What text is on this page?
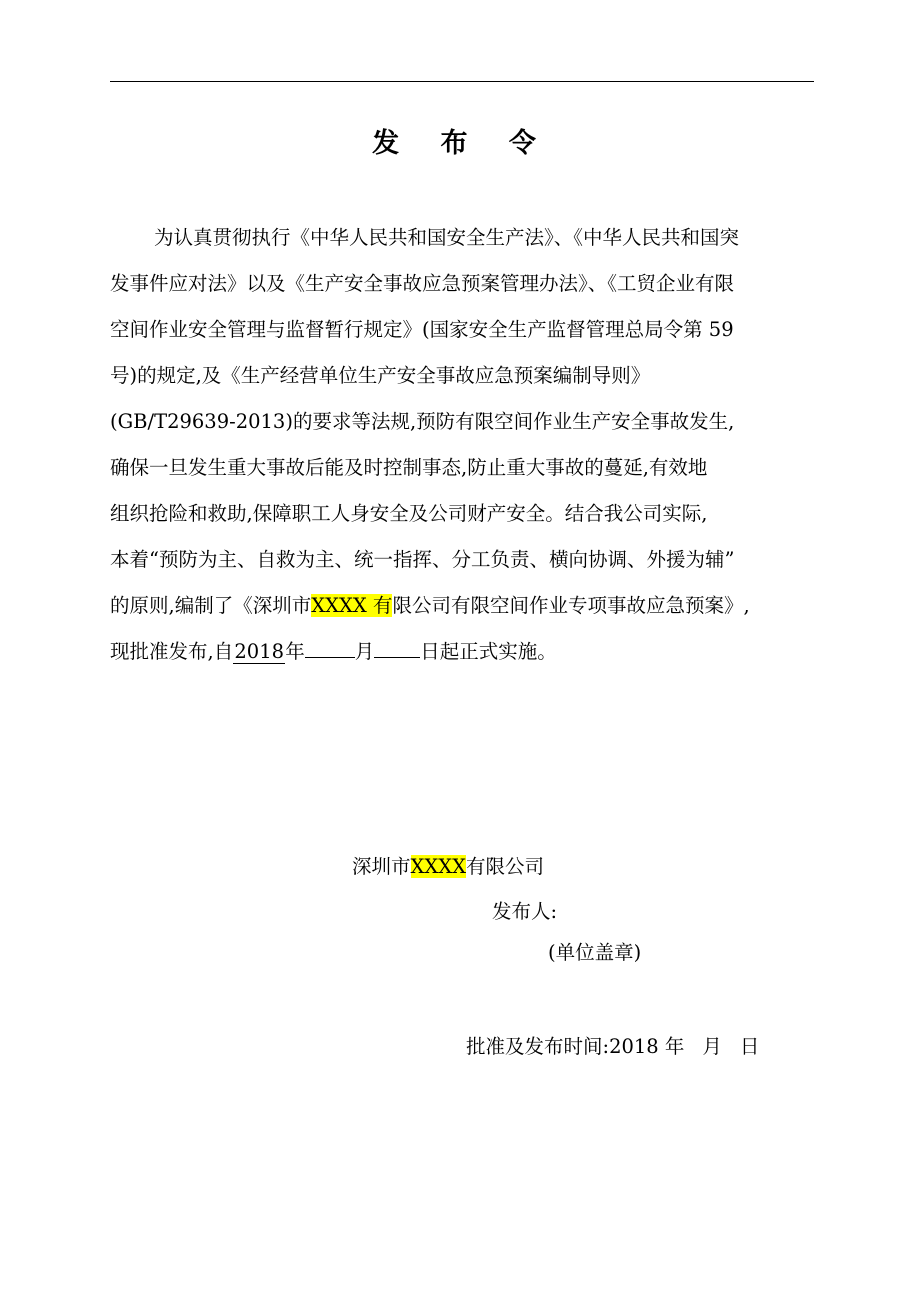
发 布 令
为认真贯彻执行《中华人民共和国安全生产法》、《中华人民共和国突
发事件应对法》以及《生产安全事故应急预案管理办法》、《工贸企业有限
空间作业安全管理与监督暂行规定》(国家安全生产监督管理总局令第 59
号)的规定,及《生产经营单位生产安全事故应急预案编制导则》
(GB/T29639-2013)的要求等法规,预防有限空间作业生产安全事故发生,
确保一旦发生重大事故后能及时控制事态,防止重大事故的蔓延,有效地
组织抢险和救助,保障职工人身安全及公司财产安全。结合我公司实际,
本着“预防为主、自救为主、统一指挥、分工负责、横向协调、外援为辅”
的原则,编制了《深圳市XXXX 有限公司有限空间作业专项事故应急预案》,
现批准发布,自2018年	月 日起正式实施。
深圳市XXXX有限公司
发布人:
(单位盖章)
批准及发布时间:2018 年 月 日
